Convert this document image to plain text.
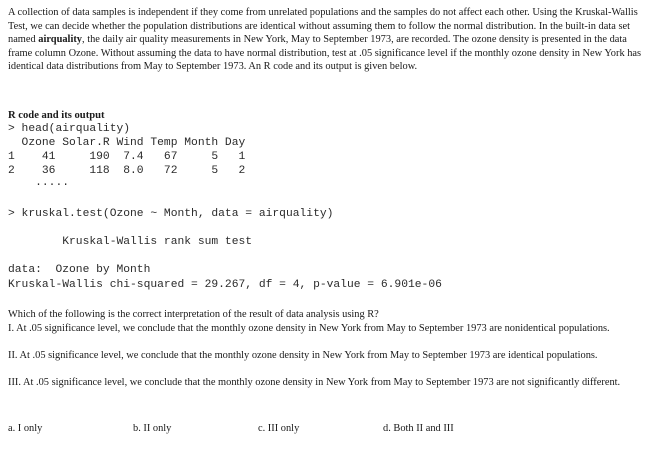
A collection of data samples is independent if they come from unrelated populations and the samples do not affect each other. Using the Kruskal-Wallis Test, we can decide whether the population distributions are identical without assuming them to follow the normal distribution. In the built-in data set named airquality, the daily air quality measurements in New York, May to September 1973, are recorded. The ozone density is presented in the data frame column Ozone. Without assuming the data to have normal distribution, test at .05 significance level if the monthly ozone density in New York has identical data distributions from May to September 1973. An R code and its output is given below.
R code and its output
> head(airquality)
Ozone Solar.R Wind Temp Month Day
1    41     190  7.4   67     5   1
2    36     118  8.0   72     5   2
.....
> kruskal.test(Ozone ~ Month, data = airquality)
Kruskal-Wallis rank sum test
data:  Ozone by Month
Kruskal-Wallis chi-squared = 29.267, df = 4, p-value = 6.901e-06
Which of the following is the correct interpretation of the result of data analysis using R?
I. At .05 significance level, we conclude that the monthly ozone density in New York from May to September 1973 are nonidentical populations.
II. At .05 significance level, we conclude that the monthly ozone density in New York from May to September 1973 are identical populations.
III. At .05 significance level, we conclude that the monthly ozone density in New York from May to September 1973 are not significantly different.
a. I only	b. II only	c. III only	d. Both II and III
